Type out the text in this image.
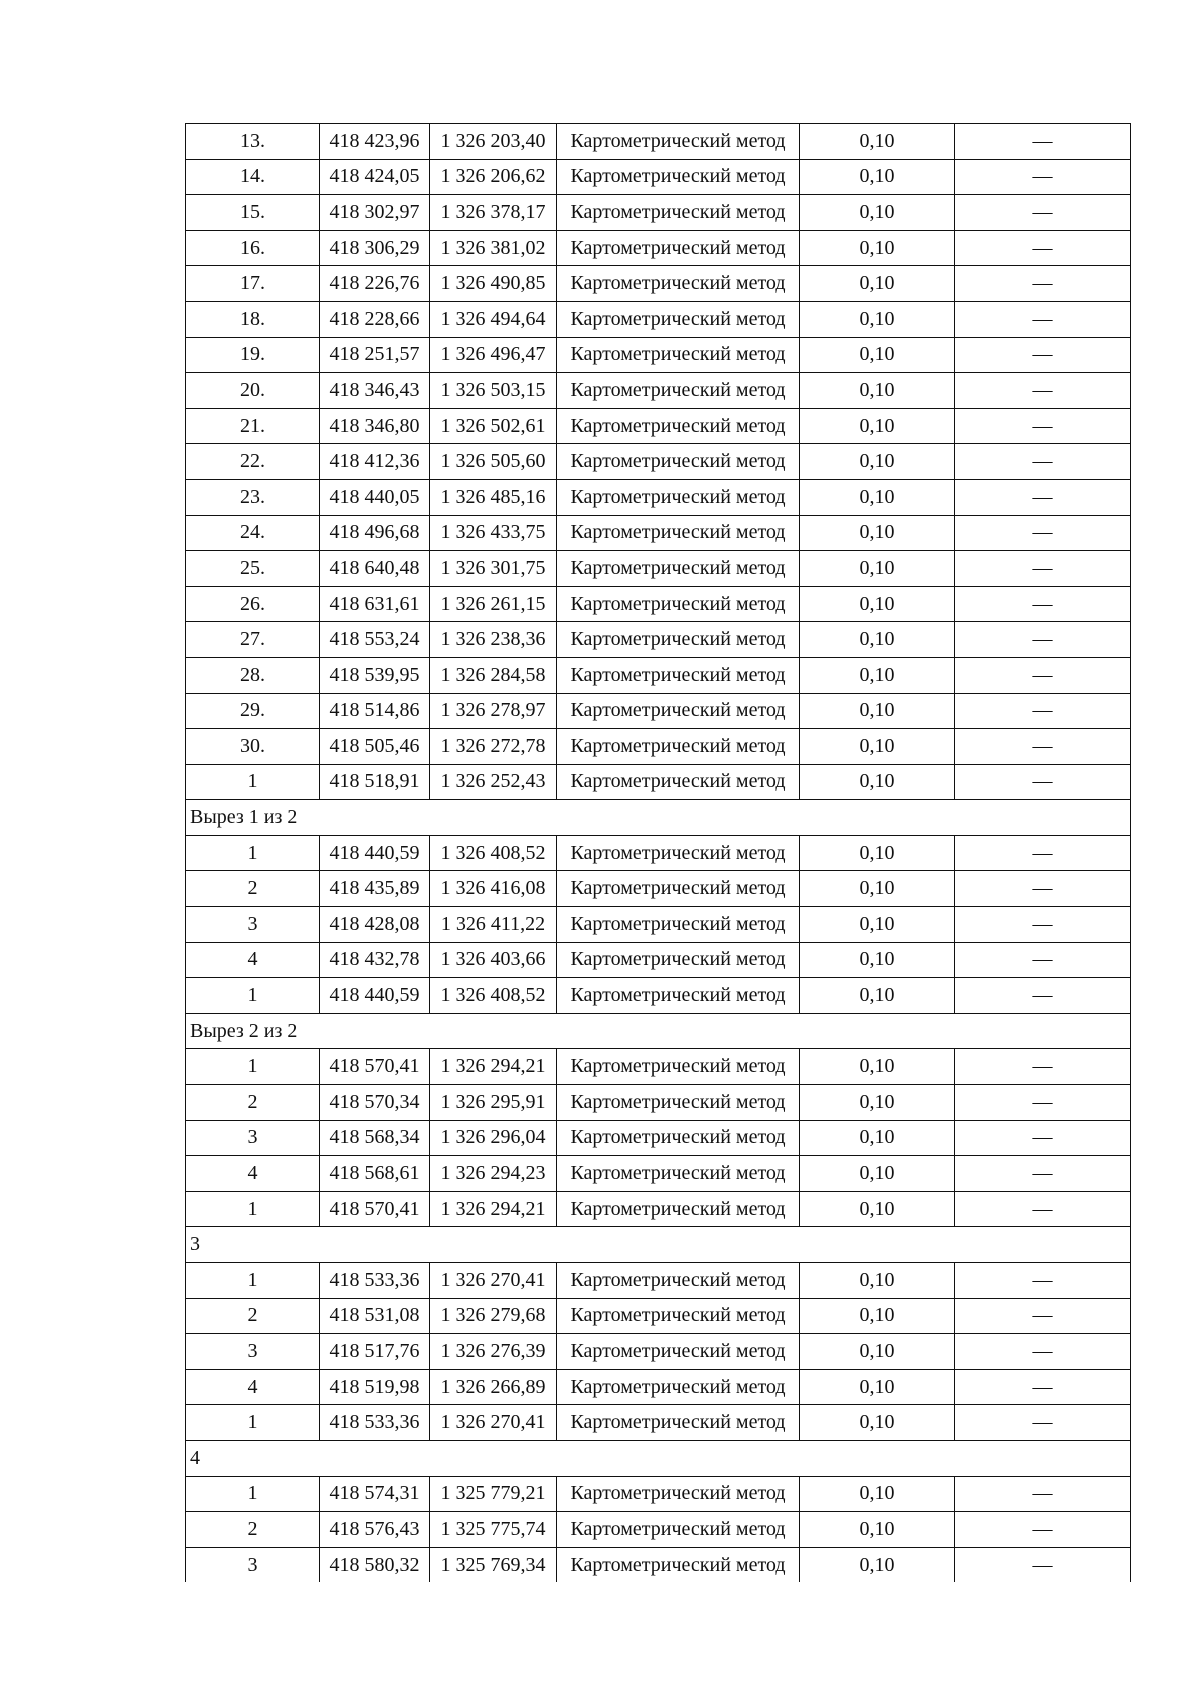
13.	418 423,96	1 326 203,40	Картометрический метод	0,10	—
14.	418 424,05	1 326 206,62	Картометрический метод	0,10	—
15.	418 302,97	1 326 378,17	Картометрический метод	0,10	—
16.	418 306,29	1 326 381,02	Картометрический метод	0,10	—
17.	418 226,76	1 326 490,85	Картометрический метод	0,10	—
18.	418 228,66	1 326 494,64	Картометрический метод	0,10	—
19.	418 251,57	1 326 496,47	Картометрический метод	0,10	—
20.	418 346,43	1 326 503,15	Картометрический метод	0,10	—
21.	418 346,80	1 326 502,61	Картометрический метод	0,10	—
22.	418 412,36	1 326 505,60	Картометрический метод	0,10	—
23.	418 440,05	1 326 485,16	Картометрический метод	0,10	—
24.	418 496,68	1 326 433,75	Картометрический метод	0,10	—
25.	418 640,48	1 326 301,75	Картометрический метод	0,10	—
26.	418 631,61	1 326 261,15	Картометрический метод	0,10	—
27.	418 553,24	1 326 238,36	Картометрический метод	0,10	—
28.	418 539,95	1 326 284,58	Картометрический метод	0,10	—
29.	418 514,86	1 326 278,97	Картометрический метод	0,10	—
30.	418 505,46	1 326 272,78	Картометрический метод	0,10	—
1	418 518,91	1 326 252,43	Картометрический метод	0,10	—
Вырез 1 из 2					
1	418 440,59	1 326 408,52	Картометрический метод	0,10	—
2	418 435,89	1 326 416,08	Картометрический метод	0,10	—
3	418 428,08	1 326 411,22	Картометрический метод	0,10	—
4	418 432,78	1 326 403,66	Картометрический метод	0,10	—
1	418 440,59	1 326 408,52	Картометрический метод	0,10	—
Вырез 2 из 2					
1	418 570,41	1 326 294,21	Картометрический метод	0,10	—
2	418 570,34	1 326 295,91	Картометрический метод	0,10	—
3	418 568,34	1 326 296,04	Картометрический метод	0,10	—
4	418 568,61	1 326 294,23	Картометрический метод	0,10	—
1	418 570,41	1 326 294,21	Картометрический метод	0,10	—
3					
1	418 533,36	1 326 270,41	Картометрический метод	0,10	—
2	418 531,08	1 326 279,68	Картометрический метод	0,10	—
3	418 517,76	1 326 276,39	Картометрический метод	0,10	—
4	418 519,98	1 326 266,89	Картометрический метод	0,10	—
1	418 533,36	1 326 270,41	Картометрический метод	0,10	—
4					
1	418 574,31	1 325 779,21	Картометрический метод	0,10	—
2	418 576,43	1 325 775,74	Картометрический метод	0,10	—
3	418 580,32	1 325 769,34	Картометрический метод	0,10	—
